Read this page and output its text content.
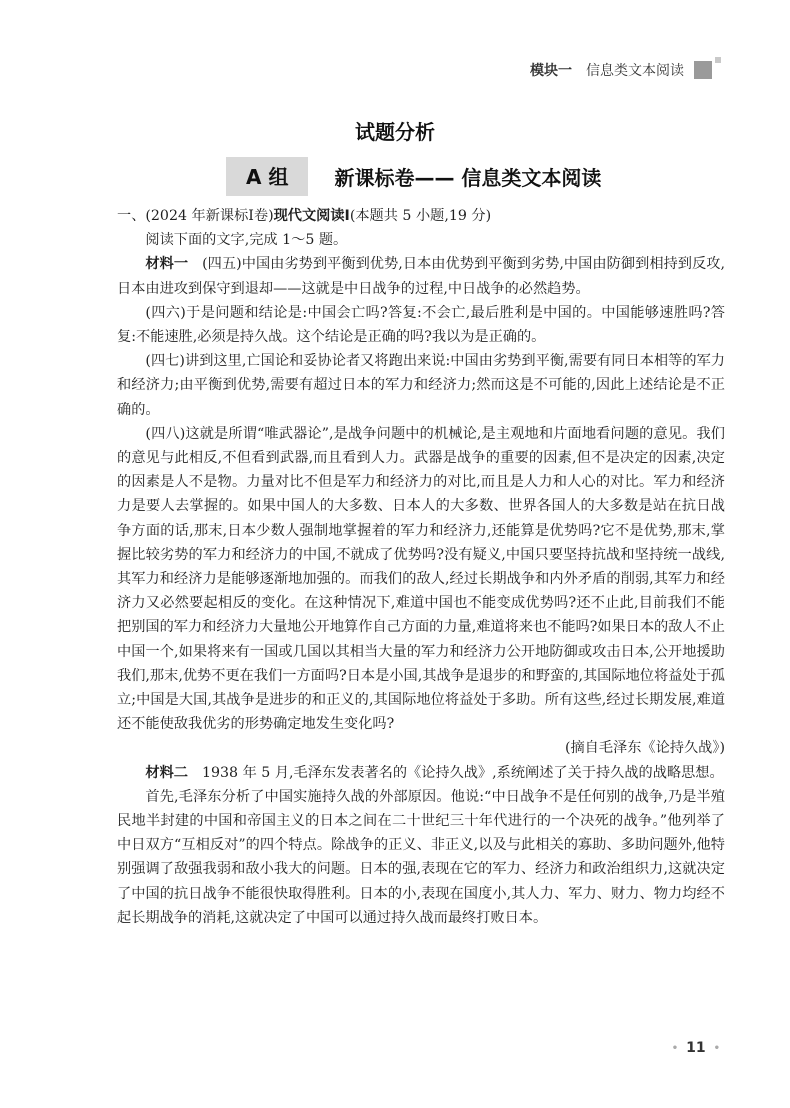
模块一 信息类文本阅读
试题分析
A 组	新课标卷—— 信息类文本阅读

一、(2024 年新课标Ⅰ卷)现代文阅读Ⅰ(本题共 5 小题,19 分)

阅读下面的文字,完成 1～5 题。

材料一 (四五)中国由劣势到平衡到优势,日本由优势到平衡到劣势,中国由防御到相持到反攻,日本由进攻到保守到退却——这就是中日战争的过程,中日战争的必然趋势。

(四六)于是问题和结论是:中国会亡吗?答复:不会亡,最后胜利是中国的。中国能够速胜吗?答复:不能速胜,必须是持久战。这个结论是正确的吗?我以为是正确的。

(四七)讲到这里,亡国论和妥协论者又将跑出来说:中国由劣势到平衡,需要有同日本相等的军力和经济力;由平衡到优势,需要有超过日本的军力和经济力;然而这是不可能的,因此上述结论是不正确的。

(四八)这就是所谓“唯武器论”,是战争问题中的机械论,是主观地和片面地看问题的意见。我们的意见与此相反,不但看到武器,而且看到人力。武器是战争的重要的因素,但不是决定的因素,决定的因素是人不是物。力量对比不但是军力和经济力的对比,而且是人力和人心的对比。军力和经济力是要人去掌握的。如果中国人的大多数、日本人的大多数、世界各国人的大多数是站在抗日战争方面的话,那末,日本少数人强制地掌握着的军力和经济力,还能算是优势吗?它不是优势,那末,掌握比较劣势的军力和经济力的中国,不就成了优势吗?没有疑义,中国只要坚持抗战和坚持统一战线,其军力和经济力是能够逐渐地加强的。而我们的敌人,经过长期战争和内外矛盾的削弱,其军力和经济力又必然要起相反的变化。在这种情况下,难道中国也不能变成优势吗?还不止此,目前我们不能把别国的军力和经济力大量地公开地算作自己方面的力量,难道将来也不能吗?如果日本的敌人不止中国一个,如果将来有一国或几国以其相当大量的军力和经济力公开地防御或攻击日本,公开地援助我们,那末,优势不更在我们一方面吗?日本是小国,其战争是退步的和野蛮的,其国际地位将益处于孤立;中国是大国,其战争是进步的和正义的,其国际地位将益处于多助。所有这些,经过长期发展,难道还不能使敌我优劣的形势确定地发生变化吗?

(摘自毛泽东《论持久战》)

材料二 1938 年 5 月,毛泽东发表著名的《论持久战》,系统阐述了关于持久战的战略思想。

首先,毛泽东分析了中国实施持久战的外部原因。他说:“中日战争不是任何别的战争,乃是半殖民地半封建的中国和帝国主义的日本之间在二十世纪三十年代进行的一个决死的战争。”他列举了中日双方“互相反对”的四个特点。除战争的正义、非正义,以及与此相关的寡助、多助问题外,他特别强调了敌强我弱和敌小我大的问题。日本的强,表现在它的军力、经济力和政治组织力,这就决定了中国的抗日战争不能很快取得胜利。日本的小,表现在国度小,其人力、军力、财力、物力均经不起长期战争的消耗,这就决定了中国可以通过持久战而最终打败日本。

• 11 •
